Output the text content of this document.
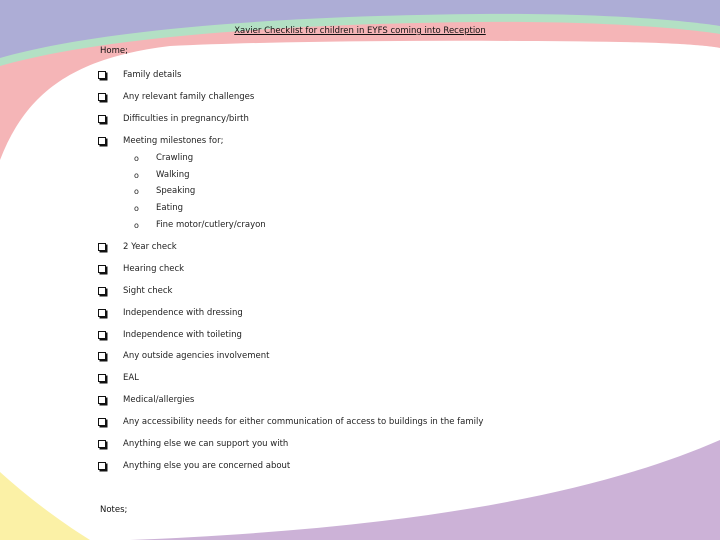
Xavier Checklist for children in EYFS coming into Reception
Home;
Family details
Any relevant family challenges
Difficulties in pregnancy/birth
Meeting milestones for;
o	Crawling
o	Walking
o	Speaking
o	Eating
o	Fine motor/cutlery/crayon
2 Year check
Hearing check
Sight check
Independence with dressing
Independence with toileting
Any outside agencies involvement
EAL
Medical/allergies
Any accessibility needs for either communication of access to buildings in the family
Anything else we can support you with
Anything else you are concerned about
Notes;
